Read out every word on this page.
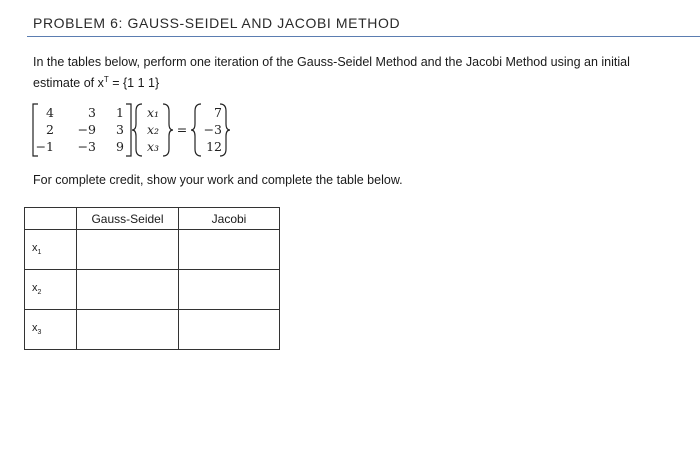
PROBLEM 6: GAUSS-SEIDEL AND JACOBI METHOD
In the tables below, perform one iteration of the Gauss-Seidel Method and the Jacobi Method using an initial estimate of $x^T = \{1$ 1 1}
4	3 1
2 −9 3
−1 −3 9
x₁
x₂
x₃
=
7
−3
12
For complete credit, show your work and complete the table below.

	Gauss-Seidel	Jacobi

$x_1$

$x_2$

$x_3$
